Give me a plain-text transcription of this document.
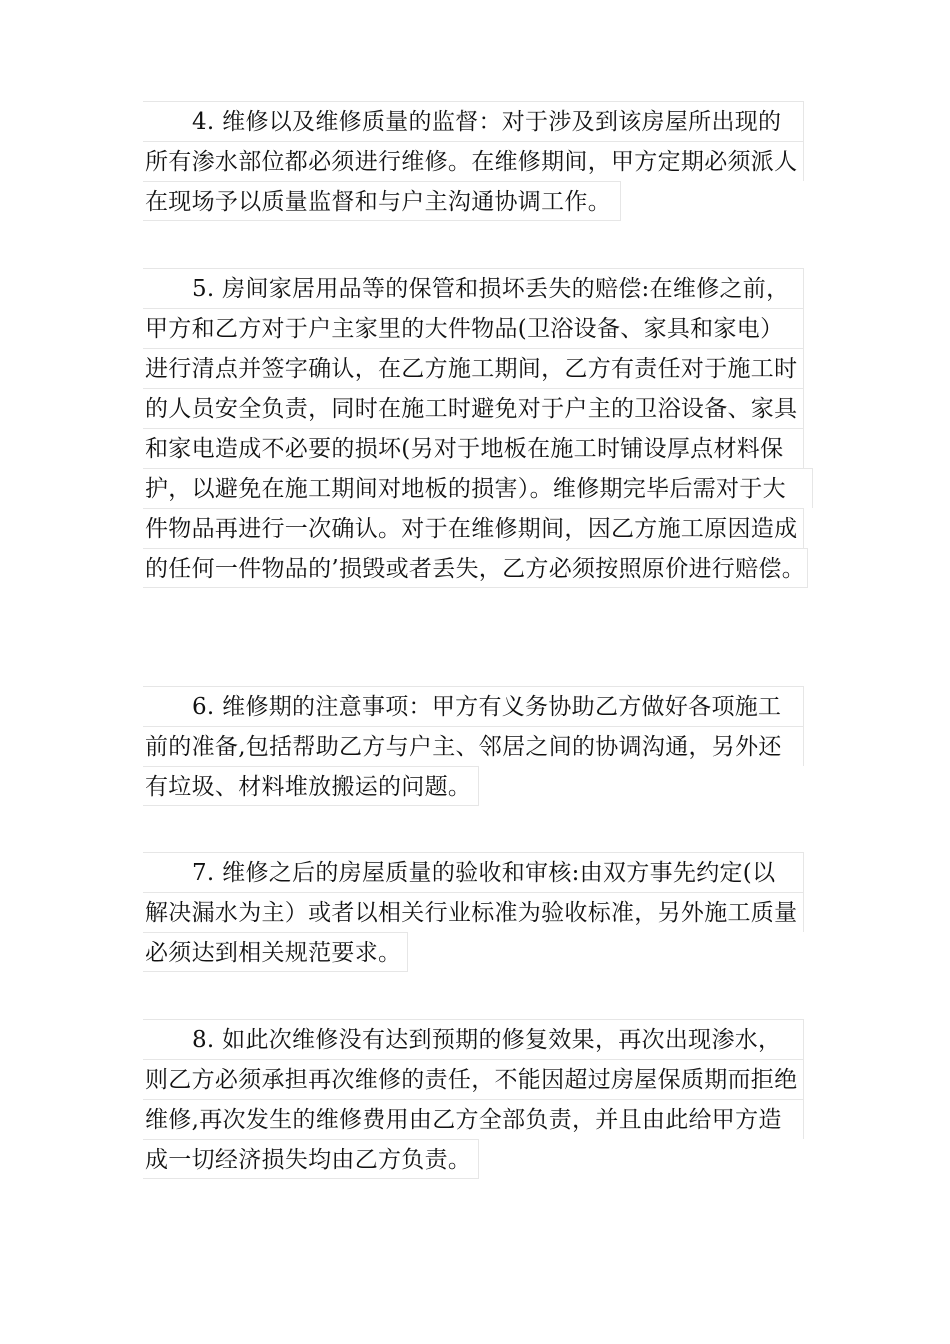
4. 维修以及维修质量的监督：对于涉及到该房屋所出现的
所有渗水部位都必须进行维修。在维修期间，甲方定期必须派人
在现场予以质量监督和与户主沟通协调工作。
5. 房间家居用品等的保管和损坏丢失的赔偿:在维修之前，
甲方和乙方对于户主家里的大件物品(卫浴设备、家具和家电）
进行清点并签字确认，在乙方施工期间，乙方有责任对于施工时
的人员安全负责，同时在施工时避免对于户主的卫浴设备、家具
和家电造成不必要的损坏(另对于地板在施工时铺设厚点材料保
护，以避免在施工期间对地板的损害）。维修期完毕后需对于大
件物品再进行一次确认。对于在维修期间，因乙方施工原因造成
的任何一件物品的’损毁或者丢失，乙方必须按照原价进行赔偿。
6. 维修期的注意事项：甲方有义务协助乙方做好各项施工
前的准备,包括帮助乙方与户主、邻居之间的协调沟通，另外还
有垃圾、材料堆放搬运的问题。
7. 维修之后的房屋质量的验收和审核:由双方事先约定(以
解决漏水为主）或者以相关行业标准为验收标准，另外施工质量
必须达到相关规范要求。
8. 如此次维修没有达到预期的修复效果，再次出现渗水，
则乙方必须承担再次维修的责任，不能因超过房屋保质期而拒绝
维修,再次发生的维修费用由乙方全部负责，并且由此给甲方造
成一切经济损失均由乙方负责。
